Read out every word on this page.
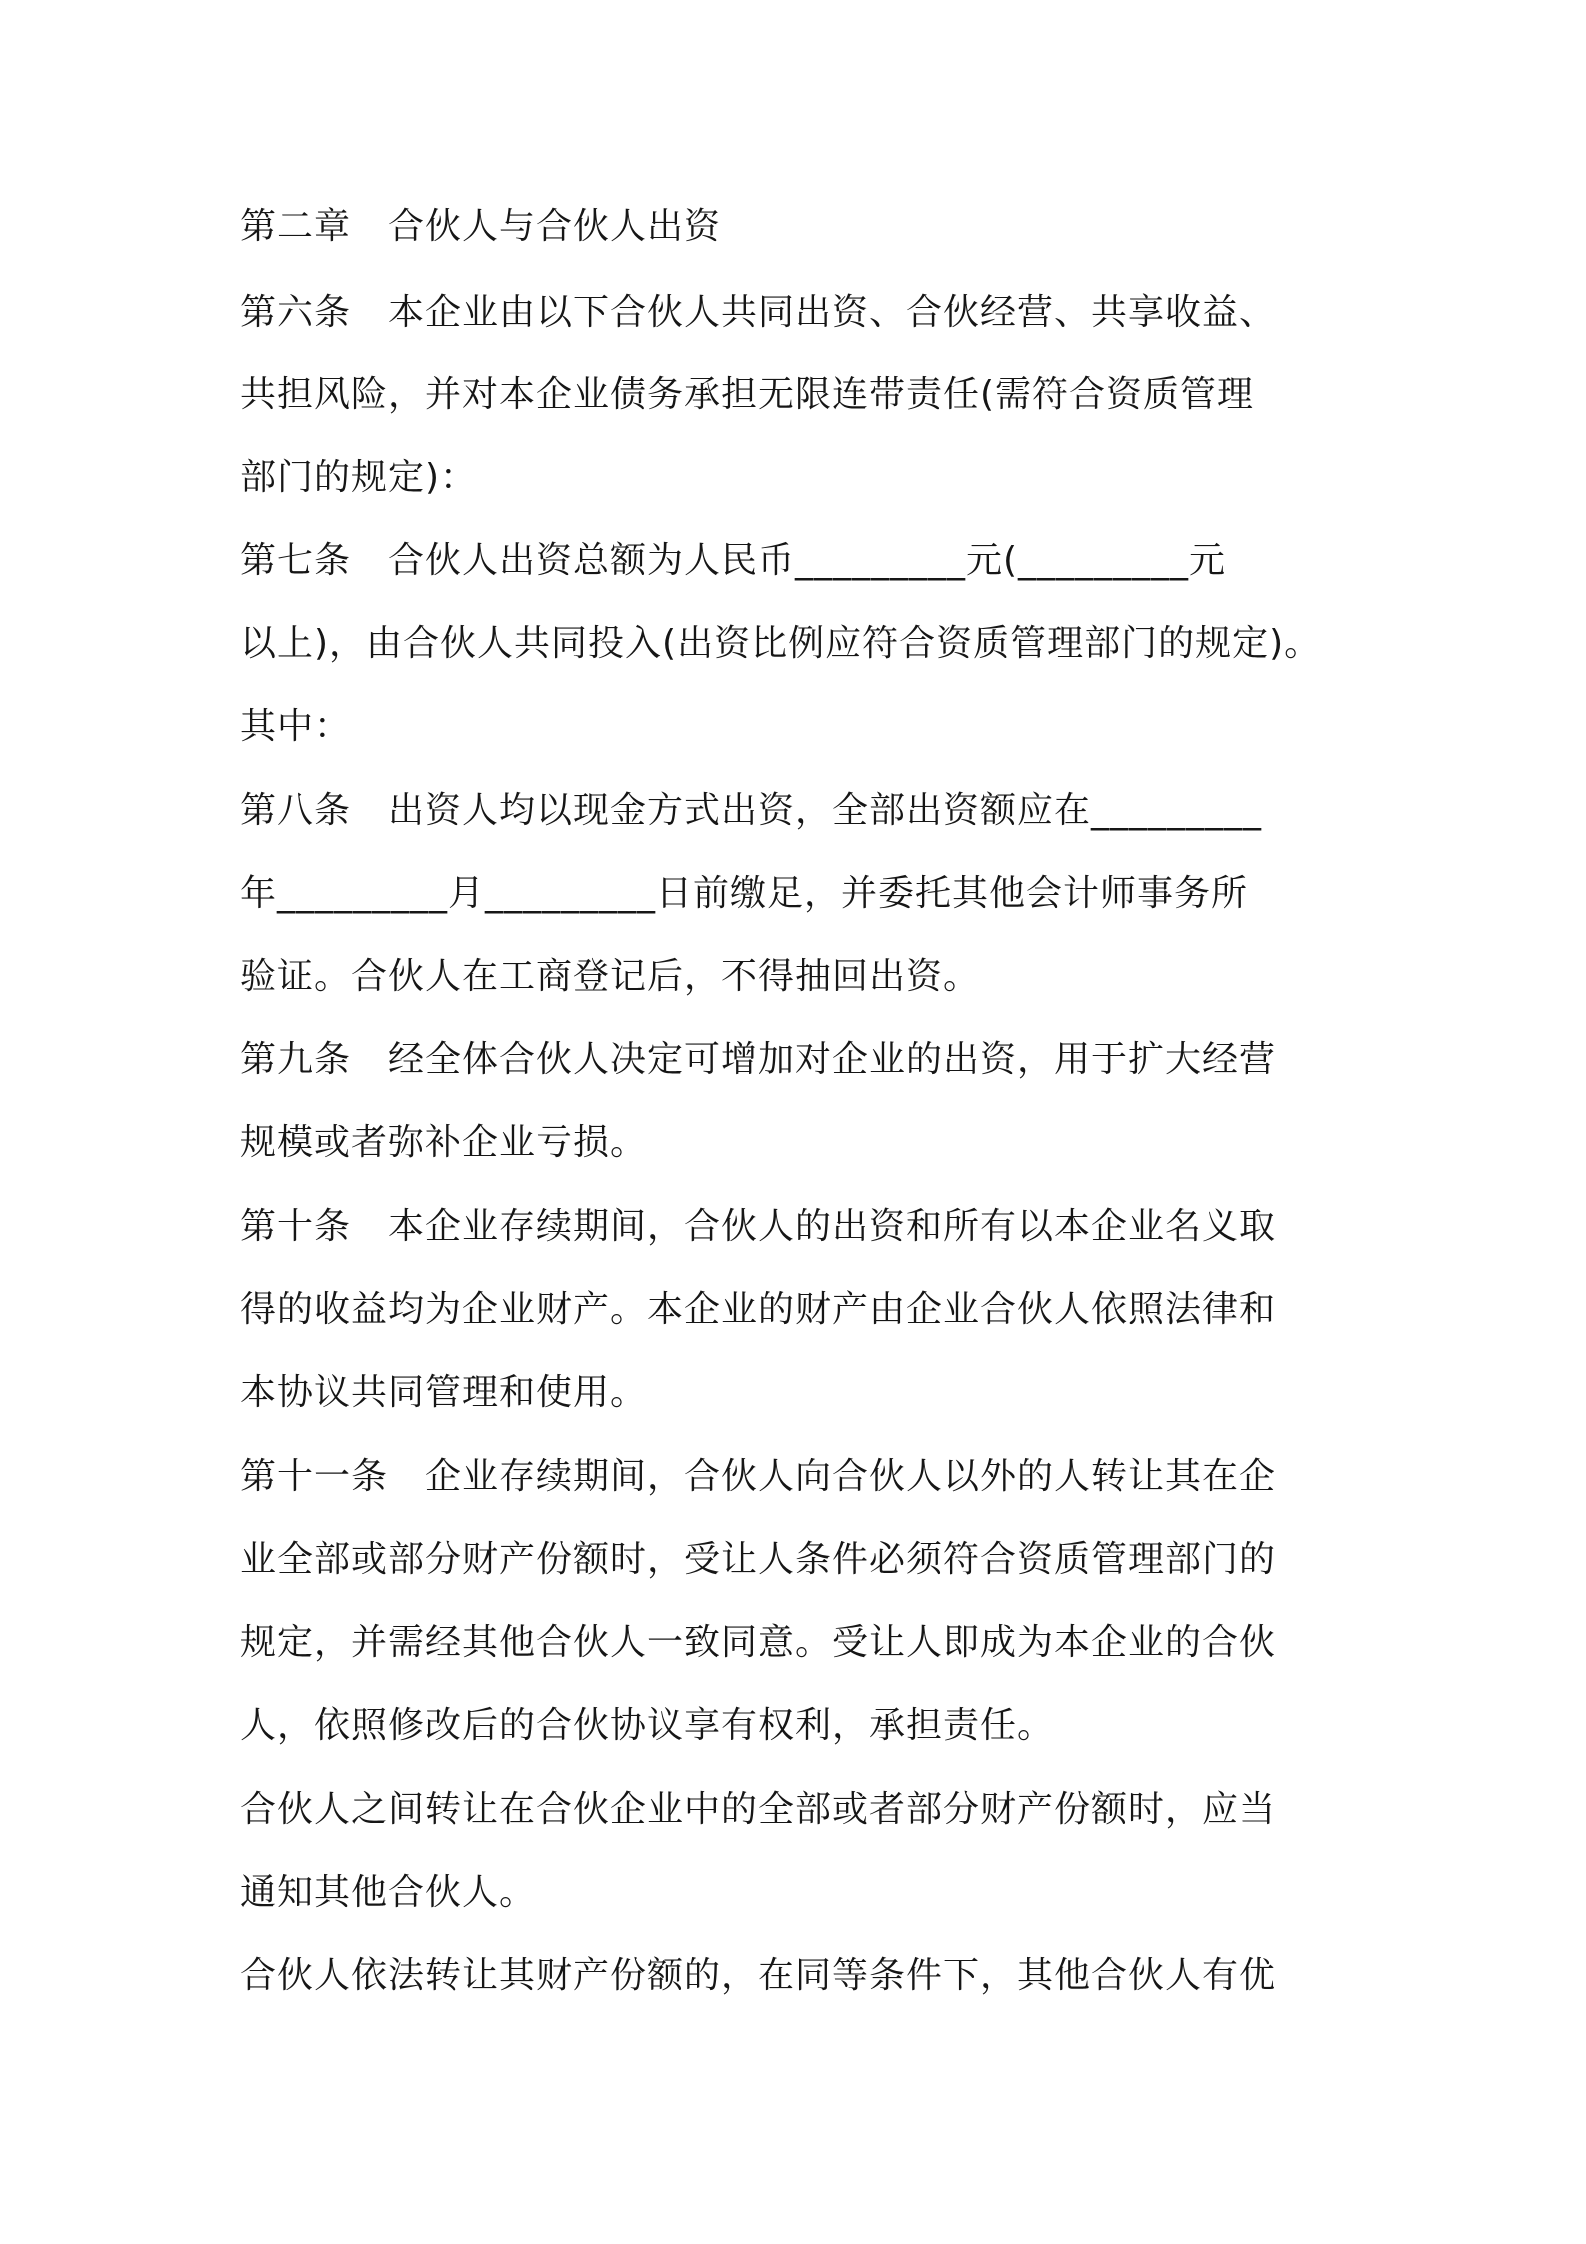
第二章　合伙人与合伙人出资
第六条　本企业由以下合伙人共同出资、合伙经营、共享收益、
共担风险，并对本企业债务承担无限连带责任(需符合资质管理
部门的规定)：
第七条　合伙人出资总额为人民币_________元(_________元
以上)，由合伙人共同投入(出资比例应符合资质管理部门的规定)。
其中：
第八条　出资人均以现金方式出资，全部出资额应在_________
年_________月_________日前缴足，并委托其他会计师事务所
验证。合伙人在工商登记后，不得抽回出资。
第九条　经全体合伙人决定可增加对企业的出资，用于扩大经营
规模或者弥补企业亏损。
第十条　本企业存续期间，合伙人的出资和所有以本企业名义取
得的收益均为企业财产。本企业的财产由企业合伙人依照法律和
本协议共同管理和使用。
第十一条　企业存续期间，合伙人向合伙人以外的人转让其在企
业全部或部分财产份额时，受让人条件必须符合资质管理部门的
规定，并需经其他合伙人一致同意。受让人即成为本企业的合伙
人，依照修改后的合伙协议享有权利，承担责任。
合伙人之间转让在合伙企业中的全部或者部分财产份额时，应当
通知其他合伙人。
合伙人依法转让其财产份额的，在同等条件下，其他合伙人有优
